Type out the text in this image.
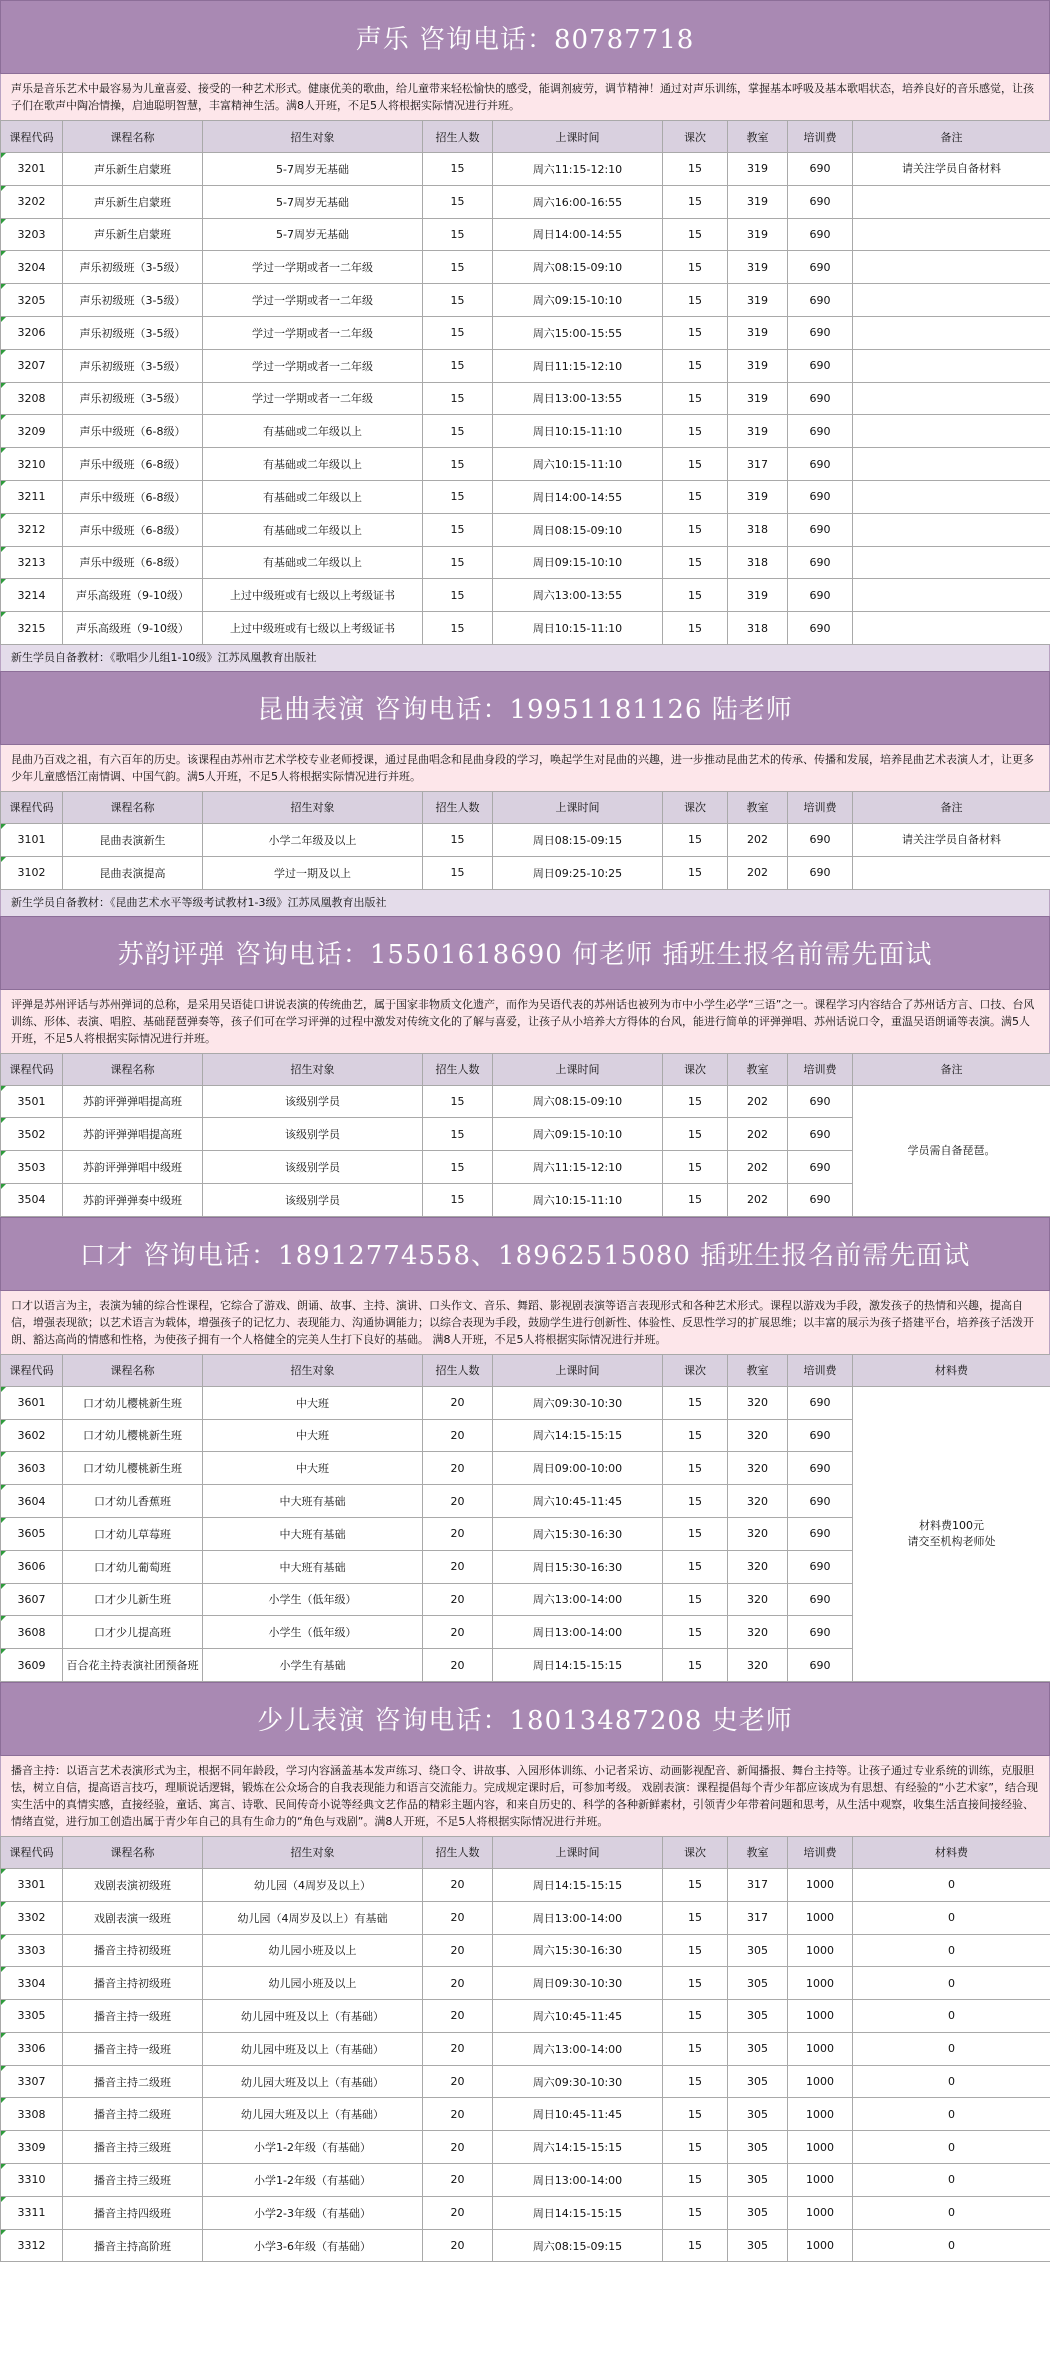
声乐 咨询电话：80787718
声乐是音乐艺术中最容易为儿童喜爱、接受的一种艺术形式。健康优美的歌曲，给儿童带来轻松愉快的感受，能调剂疲劳，调节精神！通过对声乐训练，掌握基本呼吸及基本歌唱状态，培养良好的音乐感觉，让孩子们在歌声中陶冶情操，启迪聪明智慧，丰富精神生活。满8人开班，不足5人将根据实际情况进行并班。
课程代码	课程名称	招生对象	招生人数	上课时间	课次	教室	培训费	备注
3201	声乐新生启蒙班	5-7周岁无基础	15	周六11:15-12:10	15	319	690	请关注学员自备材料
3202	声乐新生启蒙班	5-7周岁无基础	15	周六16:00-16:55	15	319	690	
3203	声乐新生启蒙班	5-7周岁无基础	15	周日14:00-14:55	15	319	690	
3204	声乐初级班（3-5级）	学过一学期或者一二年级	15	周六08:15-09:10	15	319	690	
3205	声乐初级班（3-5级）	学过一学期或者一二年级	15	周六09:15-10:10	15	319	690	
3206	声乐初级班（3-5级）	学过一学期或者一二年级	15	周六15:00-15:55	15	319	690	
3207	声乐初级班（3-5级）	学过一学期或者一二年级	15	周日11:15-12:10	15	319	690	
3208	声乐初级班（3-5级）	学过一学期或者一二年级	15	周日13:00-13:55	15	319	690	
3209	声乐中级班（6-8级）	有基础或二年级以上	15	周日10:15-11:10	15	319	690	
3210	声乐中级班（6-8级）	有基础或二年级以上	15	周六10:15-11:10	15	317	690	
3211	声乐中级班（6-8级）	有基础或二年级以上	15	周日14:00-14:55	15	319	690	
3212	声乐中级班（6-8级）	有基础或二年级以上	15	周日08:15-09:10	15	318	690	
3213	声乐中级班（6-8级）	有基础或二年级以上	15	周日09:15-10:10	15	318	690	
3214	声乐高级班（9-10级）	上过中级班或有七级以上考级证书	15	周六13:00-13:55	15	319	690	
3215	声乐高级班（9-10级）	上过中级班或有七级以上考级证书	15	周日10:15-11:10	15	318	690	
新生学员自备教材：《歌唱少儿组1-10级》江苏凤凰教育出版社
昆曲表演 咨询电话：19951181126 陆老师
昆曲乃百戏之祖，有六百年的历史。该课程由苏州市艺术学校专业老师授课，通过昆曲唱念和昆曲身段的学习，唤起学生对昆曲的兴趣，进一步推动昆曲艺术的传承、传播和发展，培养昆曲艺术表演人才，让更多少年儿童感悟江南情调、中国气韵。满5人开班，不足5人将根据实际情况进行并班。
课程代码	课程名称	招生对象	招生人数	上课时间	课次	教室	培训费	备注
3101	昆曲表演新生	小学二年级及以上	15	周日08:15-09:15	15	202	690	请关注学员自备材料
3102	昆曲表演提高	学过一期及以上	15	周日09:25-10:25	15	202	690	
新生学员自备教材：《昆曲艺术水平等级考试教材1-3级》江苏凤凰教育出版社
苏韵评弹 咨询电话：15501618690 何老师 插班生报名前需先面试
评弹是苏州评话与苏州弹词的总称，是采用吴语徒口讲说表演的传统曲艺，属于国家非物质文化遗产，而作为吴语代表的苏州话也被列为市中小学生必学“三语”之一。课程学习内容结合了苏州话方言、口技、台风训练、形体、表演、唱腔、基础琵琶弹奏等，孩子们可在学习评弹的过程中激发对传统文化的了解与喜爱，让孩子从小培养大方得体的台风，能进行简单的评弹弹唱、苏州话说口令，重温吴语朗诵等表演。满5人开班，不足5人将根据实际情况进行并班。
课程代码	课程名称	招生对象	招生人数	上课时间	课次	教室	培训费	备注
3501	苏韵评弹弹唱提高班	该级别学员	15	周六08:15-09:10	15	202	690	学员需自备琵琶。
3502	苏韵评弹弹唱提高班	该级别学员	15	周六09:15-10:10	15	202	690	
3503	苏韵评弹弹唱中级班	该级别学员	15	周六11:15-12:10	15	202	690	
3504	苏韵评弹弹奏中级班	该级别学员	15	周六10:15-11:10	15	202	690	
口才 咨询电话：18912774558、18962515080 插班生报名前需先面试
口才以语言为主，表演为辅的综合性课程，它综合了游戏、朗诵、故事、主持、演讲、口头作文、音乐、舞蹈、影视剧表演等语言表现形式和各种艺术形式。课程以游戏为手段，激发孩子的热情和兴趣，提高自信，增强表现欲；以艺术语言为载体，增强孩子的记忆力、表现能力、沟通协调能力；以综合表现为手段，鼓励学生进行创新性、体验性、反思性学习的扩展思维；以丰富的展示为孩子搭建平台，培养孩子活泼开朗、豁达高尚的情感和性格，为使孩子拥有一个人格健全的完美人生打下良好的基础。 满8人开班，不足5人将根据实际情况进行并班。
课程代码	课程名称	招生对象	招生人数	上课时间	课次	教室	培训费	材料费
3601	口才幼儿樱桃新生班	中大班	20	周六09:30-10:30	15	320	690	材料费100元
请交至机构老师处
3602	口才幼儿樱桃新生班	中大班	20	周六14:15-15:15	15	320	690	
3603	口才幼儿樱桃新生班	中大班	20	周日09:00-10:00	15	320	690	
3604	口才幼儿香蕉班	中大班有基础	20	周六10:45-11:45	15	320	690	
3605	口才幼儿草莓班	中大班有基础	20	周六15:30-16:30	15	320	690	
3606	口才幼儿葡萄班	中大班有基础	20	周日15:30-16:30	15	320	690	
3607	口才少儿新生班	小学生（低年级）	20	周六13:00-14:00	15	320	690	
3608	口才少儿提高班	小学生（低年级）	20	周日13:00-14:00	15	320	690	
3609	百合花主持表演社团预备班	小学生有基础	20	周日14:15-15:15	15	320	690	
少儿表演 咨询电话：18013487208 史老师
播音主持：以语言艺术表演形式为主，根据不同年龄段，学习内容涵盖基本发声练习、绕口令、讲故事、入园形体训练、小记者采访、动画影视配音、新闻播报、舞台主持等。让孩子通过专业系统的训练，克服胆怯，树立自信，提高语言技巧，理顺说话逻辑，锻炼在公众场合的自我表现能力和语言交流能力。完成规定课时后，可参加考级。 戏剧表演：课程提倡每个青少年都应该成为有思想、有经验的“小艺术家”，结合现实生活中的真情实感，直接经验，童话、寓言、诗歌、民间传奇小说等经典文艺作品的精彩主题内容，和来自历史的、科学的各种新鲜素材，引领青少年带着问题和思考，从生活中观察，收集生活直接间接经验、情绪直觉，进行加工创造出属于青少年自己的具有生命力的“角色与戏剧”。满8人开班，不足5人将根据实际情况进行并班。
课程代码	课程名称	招生对象	招生人数	上课时间	课次	教室	培训费	材料费
3301	戏剧表演初级班	幼儿园（4周岁及以上）	20	周日14:15-15:15	15	317	1000	0
3302	戏剧表演一级班	幼儿园（4周岁及以上）有基础	20	周日13:00-14:00	15	317	1000	0
3303	播音主持初级班	幼儿园小班及以上	20	周六15:30-16:30	15	305	1000	0
3304	播音主持初级班	幼儿园小班及以上	20	周日09:30-10:30	15	305	1000	0
3305	播音主持一级班	幼儿园中班及以上（有基础）	20	周六10:45-11:45	15	305	1000	0
3306	播音主持一级班	幼儿园中班及以上（有基础）	20	周六13:00-14:00	15	305	1000	0
3307	播音主持二级班	幼儿园大班及以上（有基础）	20	周六09:30-10:30	15	305	1000	0
3308	播音主持二级班	幼儿园大班及以上（有基础）	20	周日10:45-11:45	15	305	1000	0
3309	播音主持三级班	小学1-2年级（有基础）	20	周六14:15-15:15	15	305	1000	0
3310	播音主持三级班	小学1-2年级（有基础）	20	周日13:00-14:00	15	305	1000	0
3311	播音主持四级班	小学2-3年级（有基础）	20	周日14:15-15:15	15	305	1000	0
3312	播音主持高阶班	小学3-6年级（有基础）	20	周六08:15-09:15	15	305	1000	0
